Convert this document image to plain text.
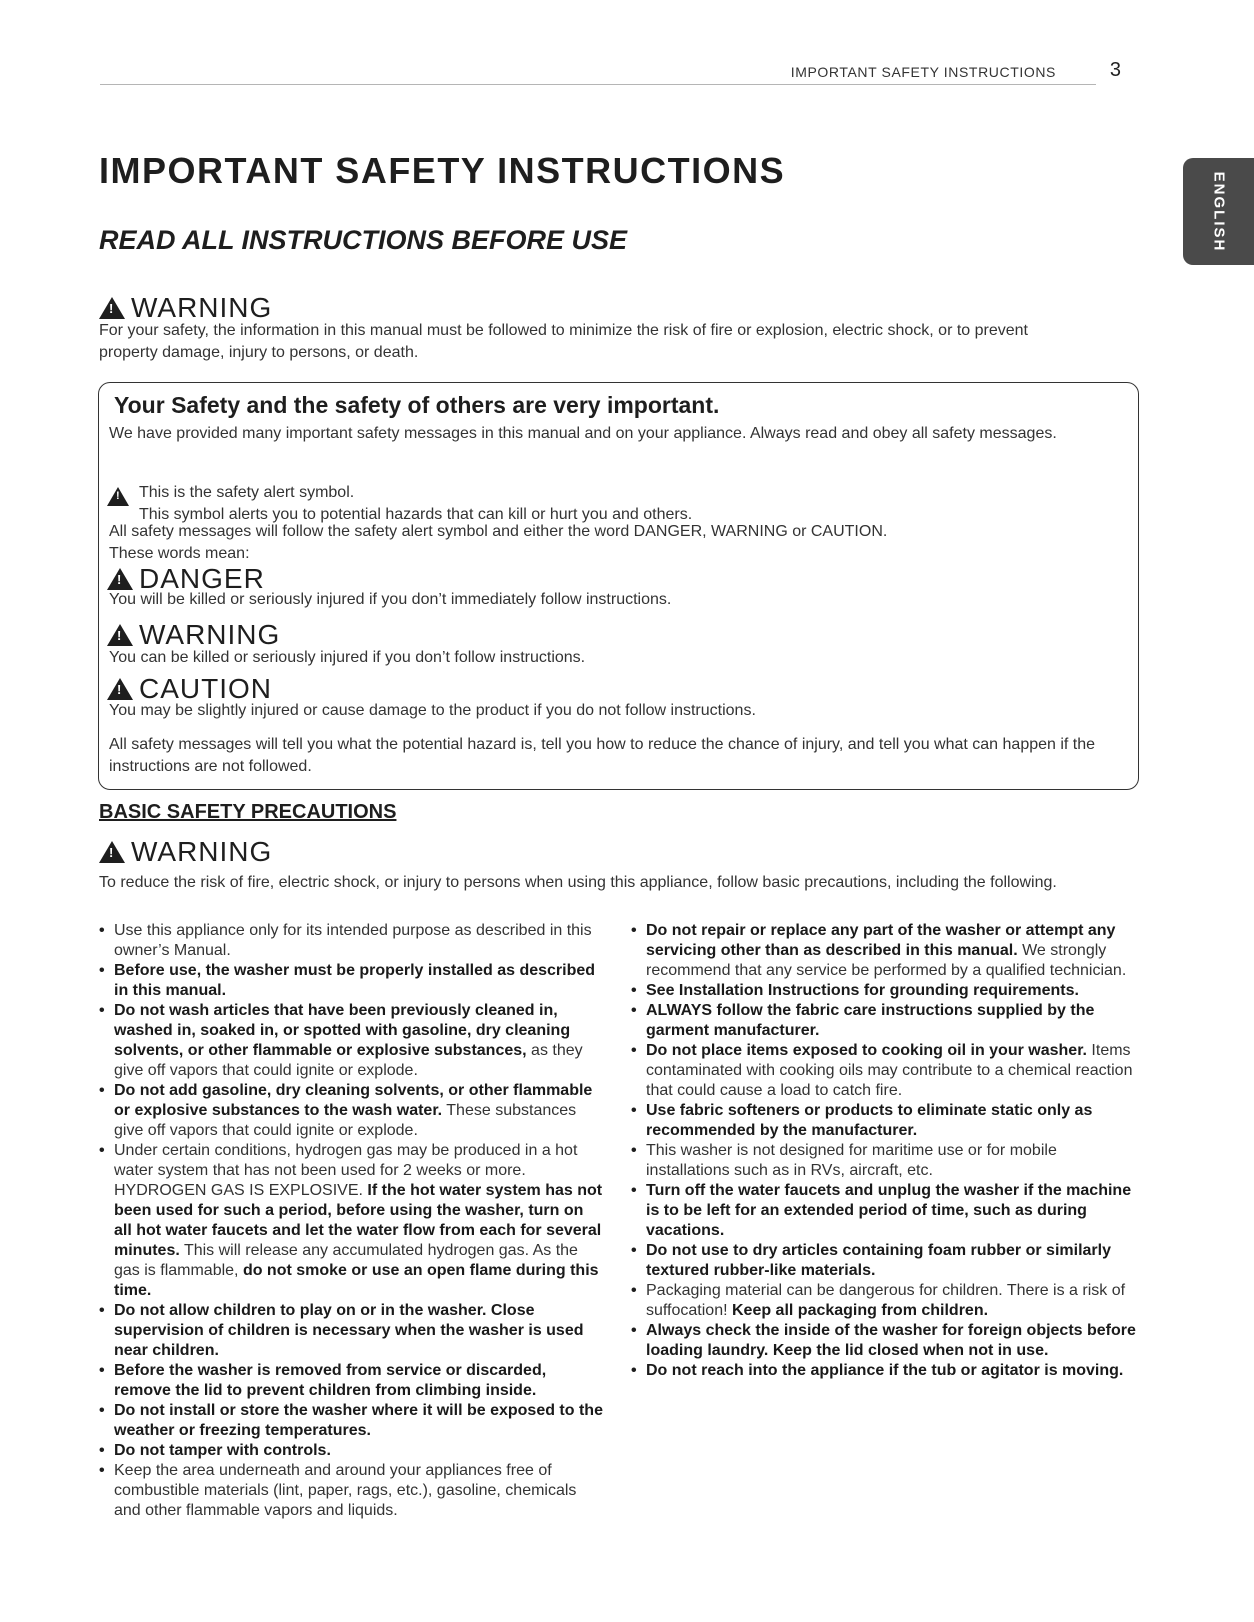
IMPORTANT SAFETY INSTRUCTIONS	3
ENGLISH
IMPORTANT SAFETY INSTRUCTIONS
READ ALL INSTRUCTIONS BEFORE USE
!
WARNING
For your safety, the information in this manual must be followed to minimize the risk of fire or explosion, electric shock, or to prevent property damage, injury to persons, or death.
Your Safety and the safety of others are very important.
We have provided many important safety messages in this manual and on your appliance. Always read and obey all safety messages.
!
This is the safety alert symbol.
This symbol alerts you to potential hazards that can kill or hurt you and others.
All safety messages will follow the safety alert symbol and either the word DANGER, WARNING or CAUTION.
These words mean:
!
DANGER
You will be killed or seriously injured if you don’t immediately follow instructions.
!
WARNING
You can be killed or seriously injured if you don’t follow instructions.
!
CAUTION
You may be slightly injured or cause damage to the product if you do not follow instructions.
All safety messages will tell you what the potential hazard is, tell you how to reduce the chance of injury, and tell you what can happen if the instructions are not followed.
BASIC SAFETY PRECAUTIONS
!
WARNING
To reduce the risk of fire, electric shock, or injury to persons when using this appliance, follow basic precautions, including the following.
• Use this appliance only for its intended purpose as described in this owner’s Manual.
• Before use, the washer must be properly installed as described in this manual.
• Do not wash articles that have been previously cleaned in, washed in, soaked in, or spotted with gasoline, dry cleaning solvents, or other flammable or explosive substances, as they give off vapors that could ignite or explode.
• Do not add gasoline, dry cleaning solvents, or other flammable or explosive substances to the wash water. These substances give off vapors that could ignite or explode.
• Under certain conditions, hydrogen gas may be produced in a hot water system that has not been used for 2 weeks or more. HYDROGEN GAS IS EXPLOSIVE. If the hot water system has not been used for such a period, before using the washer, turn on all hot water faucets and let the water flow from each for several minutes. This will release any accumulated hydrogen gas. As the gas is flammable, do not smoke or use an open flame during this time.
• Do not allow children to play on or in the washer. Close supervision of children is necessary when the washer is used near children.
• Before the washer is removed from service or discarded, remove the lid to prevent children from climbing inside.
• Do not install or store the washer where it will be exposed to the weather or freezing temperatures.
• Do not tamper with controls.
• Keep the area underneath and around your appliances free of combustible materials (lint, paper, rags, etc.), gasoline, chemicals and other flammable vapors and liquids.
• Do not repair or replace any part of the washer or attempt any servicing other than as described in this manual. We strongly recommend that any service be performed by a qualified technician.
• See Installation Instructions for grounding requirements.
• ALWAYS follow the fabric care instructions supplied by the garment manufacturer.
• Do not place items exposed to cooking oil in your washer. Items contaminated with cooking oils may contribute to a chemical reaction that could cause a load to catch fire.
• Use fabric softeners or products to eliminate static only as recommended by the manufacturer.
• This washer is not designed for maritime use or for mobile installations such as in RVs, aircraft, etc.
• Turn off the water faucets and unplug the washer if the machine is to be left for an extended period of time, such as during vacations.
• Do not use to dry articles containing foam rubber or similarly textured rubber-like materials.
• Packaging material can be dangerous for children. There is a risk of suffocation! Keep all packaging from children.
• Always check the inside of the washer for foreign objects before loading laundry. Keep the lid closed when not in use.
• Do not reach into the appliance if the tub or agitator is moving.
